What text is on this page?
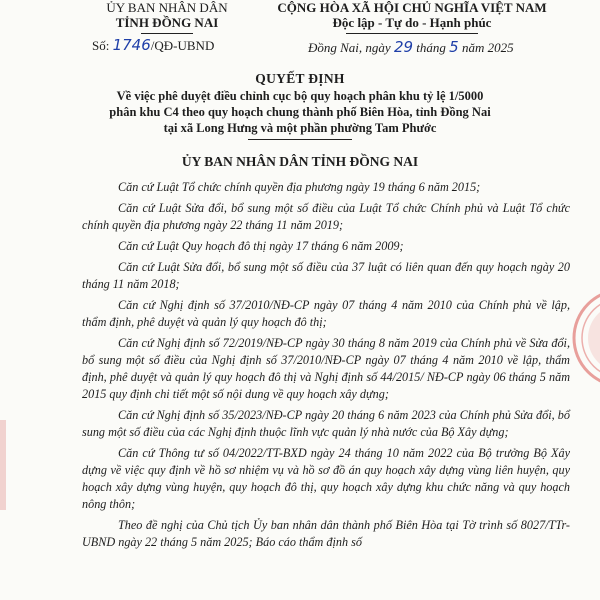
ỦY BAN NHÂN DÂN
TỈNH ĐỒNG NAI
Số: 1746/QĐ-UBND
CỘNG HÒA XÃ HỘI CHỦ NGHĨA VIỆT NAM
Độc lập - Tự do - Hạnh phúc
Đồng Nai, ngày 29 tháng 5 năm 2025
QUYẾT ĐỊNH
Về việc phê duyệt điều chỉnh cục bộ quy hoạch phân khu tỷ lệ 1/5000
phân khu C4 theo quy hoạch chung thành phố Biên Hòa, tỉnh Đồng Nai
tại xã Long Hưng và một phần phường Tam Phước
ỦY BAN NHÂN DÂN TỈNH ĐỒNG NAI

Căn cứ Luật Tổ chức chính quyền địa phương ngày 19 tháng 6 năm 2015;

Căn cứ Luật Sửa đổi, bổ sung một số điều của Luật Tổ chức Chính phủ và Luật Tổ chức chính quyền địa phương ngày 22 tháng 11 năm 2019;

Căn cứ Luật Quy hoạch đô thị ngày 17 tháng 6 năm 2009;

Căn cứ Luật Sửa đổi, bổ sung một số điều của 37 luật có liên quan đến quy hoạch ngày 20 tháng 11 năm 2018;

Căn cứ Nghị định số 37/2010/NĐ-CP ngày 07 tháng 4 năm 2010 của Chính phủ về lập, thẩm định, phê duyệt và quản lý quy hoạch đô thị;

Căn cứ Nghị định số 72/2019/NĐ-CP ngày 30 tháng 8 năm 2019 của Chính phủ về Sửa đổi, bổ sung một số điều của Nghị định số 37/2010/NĐ-CP ngày 07 tháng 4 năm 2010 về lập, thẩm định, phê duyệt và quản lý quy hoạch đô thị và Nghị định số 44/2015/ NĐ-CP ngày 06 tháng 5 năm 2015 quy định chi tiết một số nội dung về quy hoạch xây dựng;

Căn cứ Nghị định số 35/2023/NĐ-CP ngày 20 tháng 6 năm 2023 của Chính phủ Sửa đổi, bổ sung một số điều của các Nghị định thuộc lĩnh vực quản lý nhà nước của Bộ Xây dựng;

Căn cứ Thông tư số 04/2022/TT-BXD ngày 24 tháng 10 năm 2022 của Bộ trưởng Bộ Xây dựng về việc quy định về hồ sơ nhiệm vụ và hồ sơ đồ án quy hoạch xây dựng vùng liên huyện, quy hoạch xây dựng vùng huyện, quy hoạch đô thị, quy hoạch xây dựng khu chức năng và quy hoạch nông thôn;

Theo đề nghị của Chủ tịch Ủy ban nhân dân thành phố Biên Hòa tại Tờ trình số 8027/TTr-UBND ngày 22 tháng 5 năm 2025; Báo cáo thẩm định số
